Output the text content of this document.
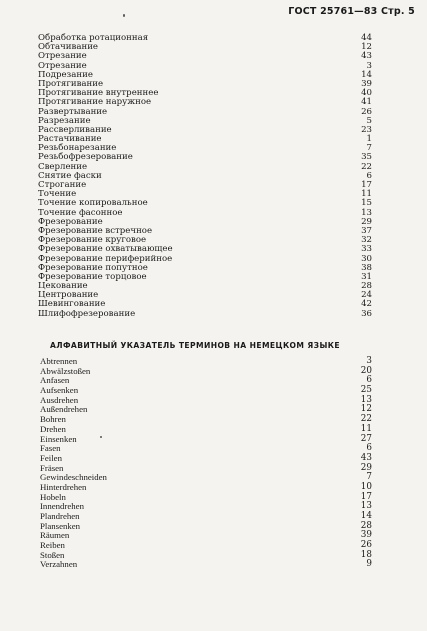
ГОСТ 25761—83 Стр. 5
Обработка ротационная	44
Обтачивание	12
Отрезание	43
Отрезание	3
Подрезание	14
Протягивание	39
Протягивание внутреннее	40
Протягивание наружное	41
Развертывание	26
Разрезание	5
Рассверливание	23
Растачивание	1
Резьбонарезание	7
Резьбофрезерование	35
Сверление	22
Снятие фаски	6
Строгание	17
Точение	11
Точение копировальное	15
Точение фасонное	13
Фрезерование	29
Фрезерование встречное	37
Фрезерование круговое	32
Фрезерование охватывающее	33
Фрезерование периферийное	30
Фрезерование попутное	38
Фрезерование торцовое	31
Цекование	28
Центрование	24
Шевингование	42
Шлифофрезерование	36
АЛФАВИТНЫЙ УКАЗАТЕЛЬ ТЕРМИНОВ НА НЕМЕЦКОМ ЯЗЫКЕ
Abtrennen	3
Abwälzstoßen	20
Anfasen	6
Aufsenken	25
Ausdrehen	13
Außendrehen	12
Bohren	22
Drehen	11
Einsenken	27
Fasen	6
Feilen	43
Fräsen	29
Gewindeschneiden	7
Hinterdrehen	10
Hobeln	17
Innendrehen	13
Plandrehen	14
Plansenken	28
Räumen	39
Reiben	26
Stoßen	18
Verzahnen	9
